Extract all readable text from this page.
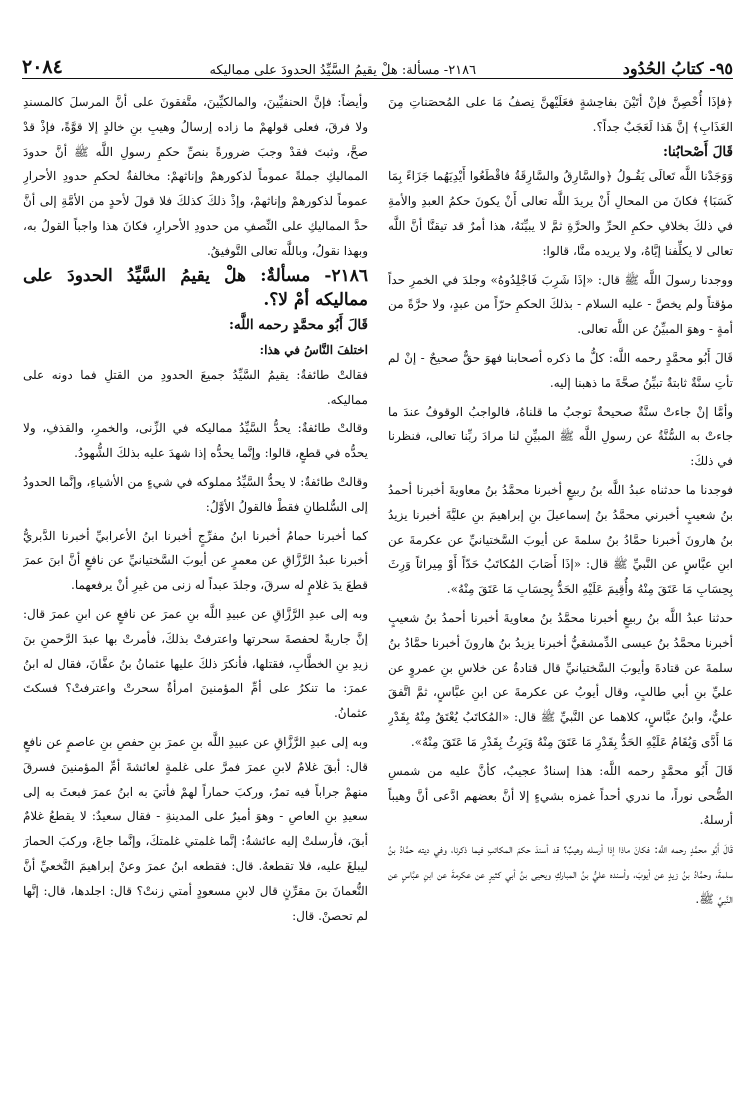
٩٥- كتابُ الحُدُود
٢١٨٦- مسألة: هلْ يقيمُ السَّيِّدُ الحدودَ على مماليكه
٢٠٨٤

﴿فإذَا أُحْصِنَّ فإنْ أتَيْنَ بفاحِشةٍ فعَلَيْهنَّ نِصفُ مَا على المُحصَناتِ مِنَ العَذَابِ﴾ إنَّ هَذا لَعَجَبٌ جداً؟.

قَالَ أَصْحابُنا:

وَوَجَدْنا اللَّه تَعالَى يَقُـولُ ﴿والسَّارِقُ والسَّارِقَةُ فاقْطَعُوا أَيْدِيَهُما جَزَاءً بِمَا كَسَبَا﴾ فكانَ من المحالِ أَنْ يريدَ اللَّه تعالى أَنْ يكونَ حكمُ العبدِ والأمةِ في ذلكَ بخلافِ حكمِ الحرِّ والحرَّةِ ثمَّ لا يبيِّنَهُ، هذا أمرٌ قد تيقنَّا أنَّ اللَّه تعالى لا يكلِّفنا إيَّاهُ، ولا يريده منَّا، قالوا:

ووجدنا رسولَ اللَّه ﷺ قال: «إذَا شَرِبَ فَاجْلِدُوهُ» وجلدَ في الخمرِ حداً مؤقتاً ولم يخصَّ - عليه السلام - بذلكَ الحكمِ حرّاً من عبدٍ، ولا حرَّةً من أمةٍ - وهوَ المبيِّنُ عن اللَّه تعالى.

قَالَ أَبُو محمَّدٍ رحمه اللَّه: كلُّ ما ذكره أصحابنا فهوَ حقٌّ صحيحٌ - إنْ لم تأتِ سنَّةٌ ثابتةٌ تبيِّنُ صحَّةَ ما ذهبنا إليه.

وأمَّا إنْ جاءتْ سنَّةٌ صحيحةٌ توجبُ ما قلناهُ، فالواجبُ الوقوفُ عندَ ما جاءتْ به السُّنَّةُ عن رسولِ اللَّه ﷺ المبيِّنِ لنا مرادَ ربِّنا تعالى، فنظرنا في ذلكَ:

فوجدنا ما حدثناه عبدُ اللَّه بنُ ربيعٍ أخبرنا محمَّدُ بنُ معاويةَ أخبرنا أحمدُ بنُ شعيبٍ أخبرني محمَّدُ بنُ إسماعيلَ بنِ إبراهيمَ بنِ عليَّةَ أخبرنا يزيدُ بنُ هارونَ أخبرنا حمَّادُ بنُ سلمةَ عن أيوبَ السَّختيانيِّ عن عكرمةَ عن ابنِ عبَّاسٍ عن النَّبيِّ ﷺ قال: «إذَا أَصَابَ المُكاتَبُ حَدّاً أَوْ مِيراثاً وَرِثَ بِحِسَابِ مَا عَتَقَ مِنْهُ وأُقِيمَ عَلَيْهِ الحَدُّ بِحِسَابِ مَا عَتَقَ مِنْهُ».

حدثنا عبدُ اللَّه بنُ ربيعٍ أخبرنا محمَّدُ بنُ معاويةَ أخبرنا أحمدُ بنُ شعيبٍ أخبرنا محمَّدُ بنُ عيسى الدِّمشقيُّ أخبرنا يزيدُ بنُ هارونَ أخبرنا حمَّادُ بنُ سلمةَ عن قتادةَ وأيوبَ السَّختيانيِّ قال قتادةُ عن خلاسِ بنِ عمروٍ عن عليِّ بنِ أبي طالبٍ، وقال أيوبُ عن عكرمةَ عن ابنِ عبَّاسٍ، ثمَّ اتَّفقَ عليٌّ، وابنُ عبَّاسٍ، كلاهما عن النَّبيِّ ﷺ قال: «المُكاتَبُ يُعْتَقُ مِنْهُ بِقَدْرِ مَا أَدَّى وَيُقَامُ عَلَيْهِ الحَدُّ بِقَدْرِ مَا عَتَقَ مِنْهُ وَيَرِثُ بِقَدْرِ مَا عَتَقَ مِنْهُ».

قَالَ أَبُو محمَّدٍ رحمه اللَّه: هذا إسنادٌ عجيبٌ، كأنَّ عليه من شمسِ الضُّحى نوراً، ما ندري أحداً غمزه بشيءٍ إلا أنَّ بعضهم ادَّعى أنَّ وهيباً أرسلهُ.

قَالَ أَبُو محمَّدٍ رحمه اللَّه: فكانَ ماذا إذا أرسله وهيبٌ؟ قد أسندَ حكمَ المكاتبِ فيما ذكرنا، وفي ديته حمَّادُ بنُ سلمةَ، وحمَّادُ بنُ زيدٍ عن أيوبَ، وأسنده عليُّ بنُ المباركِ ويحيى بنُ أبي كثيرٍ عن عكرمةَ عن ابنِ عبَّاسٍ عن النَّبيِّ ﷺ.

وأيضاً: فإنَّ الحنفيِّينَ، والمالكيِّينَ، متَّفقونَ على أنَّ المرسلَ كالمسندِ ولا فرقَ، فعلى قولهمْ ما زاده إرسالُ وهيبِ بنِ خالدٍ إلا قوَّةً، فإذْ قدْ صحَّ، وثبتَ فقدْ وجبَ ضرورةً بنصِّ حكمِ رسولِ اللَّه ﷺ أنَّ حدودَ المماليكِ جملةً عموماً لذكورهمْ وإناثهمْ: مخالفةٌ لحكمِ حدودِ الأحرارِ عموماً لذكورهمْ وإناثهمْ، وإذْ ذلكَ كذلكَ فلا قولَ لأحدٍ من الأمَّةِ إلى أنَّ حدَّ المماليكِ على النِّصفِ من حدودِ الأحرارِ، فكانَ هذا واجباً القولُ به، وبهذا نقولُ، وباللَّه تعالى التَّوفيقُ.

٢١٨٦- مسألةٌ: هلْ يقيمُ السَّيِّدُ الحدودَ على مماليكه أمْ لا؟.

قَالَ أَبُو محمَّدٍ رحمه اللَّه:

اختلفَ النَّاسُ في هذا:

فقالتْ طائفةٌ: يقيمُ السَّيِّدُ جميعَ الحدودِ من القتلِ فما دونه على مماليكه.

وقالتْ طائفةٌ: يحدُّ السَّيِّدُ مماليكه في الزِّنى، والخمرِ، والقذفِ، ولا يحدُّه في قطعٍ، قالوا: وإنَّما يحدُّه إذا شهدَ عليه بذلكَ الشُّهودُ.

وقالتْ طائفةٌ: لا يحدُّ السَّيِّدُ مملوكه في شيءٍ من الأشياءِ، وإنَّما الحدودُ إلى السُّلطانِ فقطْ فالقولُ الأوَّلُ:

كما أخبرنا حمامُ أخبرنا ابنُ مفرِّجٍ أخبرنا ابنُ الأعرابيِّ أخبرنا الدَّبريُّ أخبرنا عبدُ الرَّزَّاقِ عن معمرٍ عن أيوبَ السَّختيانيِّ عن نافعٍ أنَّ ابنَ عمرَ قطعَ يدَ غلامٍ له سرقَ، وجلدَ عبداً له زنى من غيرِ أنْ يرفعهما.

وبه إلى عبدِ الرَّزَّاقِ عن عبيدِ اللَّه بنِ عمرَ عن نافعٍ عن ابنِ عمرَ قال: إنَّ جاريةً لحفصةَ سحرتها واعترفتْ بذلكَ، فأمرتْ بها عبدَ الرَّحمنِ بنَ زيدِ بنِ الخطَّابِ، فقتلها، فأنكرَ ذلكَ عليها عثمانُ بنُ عفَّانَ، فقال له ابنُ عمرَ: ما تنكرُ على أمِّ المؤمنينَ امرأةٌ سحرتْ واعترفتْ؟ فسكتَ عثمانُ.

وبه إلى عبدِ الرَّزَّاقِ عن عبيدِ اللَّه بنِ عمرَ بنِ حفصِ بنِ عاصمٍ عن نافعٍ قال: أبقَ غلامٌ لابنِ عمرَ فمرَّ على غلمةٍ لعائشةَ أمِّ المؤمنينَ فسرقَ منهمْ جراباً فيه تمرٌ، وركبَ حماراً لهمْ فأتيَ به ابنُ عمرَ فبعثَ به إلى سعيدِ بنِ العاصِ - وهوَ أميرٌ على المدينةِ - فقال سعيدٌ: لا يقطعُ غلامٌ أبقَ، فأرسلتْ إليه عائشةُ: إنَّما غلمتي غلمتكَ، وإنَّما جاعَ، وركبَ الحمارَ ليبلغَ عليه، فلا تقطعهُ. قال: فقطعه ابنُ عمرَ وعنْ إبراهيمَ النَّخعيِّ أنَّ النُّعمانَ بنَ مقرِّنٍ قال لابنِ مسعودٍ أمتي زنتْ؟ قال: اجلدها، قال: إنَّها لم تحصنْ. قال:
